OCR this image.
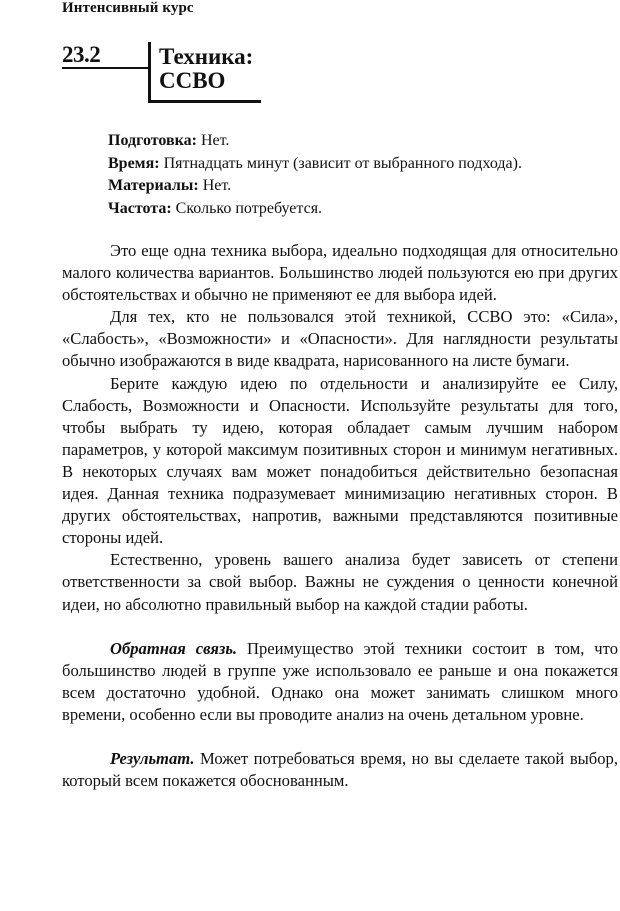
Интенсивный курс
23.2	Техника:
ССВО
Подготовка: Нет.
Время: Пятнадцать минут (зависит от выбранного подхода).
Материалы: Нет.
Частота: Сколько потребуется.

Это еще одна техника выбора, идеально подходящая для относительно малого количества вариантов. Большинство людей пользуются ею при других обстоятельствах и обычно не применяют ее для выбора идей.

Для тех, кто не пользовался этой техникой, ССВО это: «Сила», «Слабость», «Возможности» и «Опасности». Для наглядности результаты обычно изображаются в виде квадрата, нарисованного на листе бумаги.

Берите каждую идею по отдельности и анализируйте ее Силу, Слабость, Возможности и Опасности. Используйте результаты для того, чтобы выбрать ту идею, которая обладает самым лучшим набором параметров, у которой максимум позитивных сторон и минимум негативных. В некоторых случаях вам может понадобиться действительно безопасная идея. Данная техника подразумевает минимизацию негативных сторон. В других обстоятельствах, напротив, важными представляются позитивные стороны идей.

Естественно, уровень вашего анализа будет зависеть от степени ответственности за свой выбор. Важны не суждения о ценности конечной идеи, но абсолютно правильный выбор на каждой стадии работы.

Обратная связь. Преимущество этой техники состоит в том, что большинство людей в группе уже использовало ее раньше и она покажется всем достаточно удобной. Однако она может занимать слишком много времени, особенно если вы проводите анализ на очень детальном уровне.

Результат. Может потребоваться время, но вы сделаете такой выбор, который всем покажется обоснованным.
